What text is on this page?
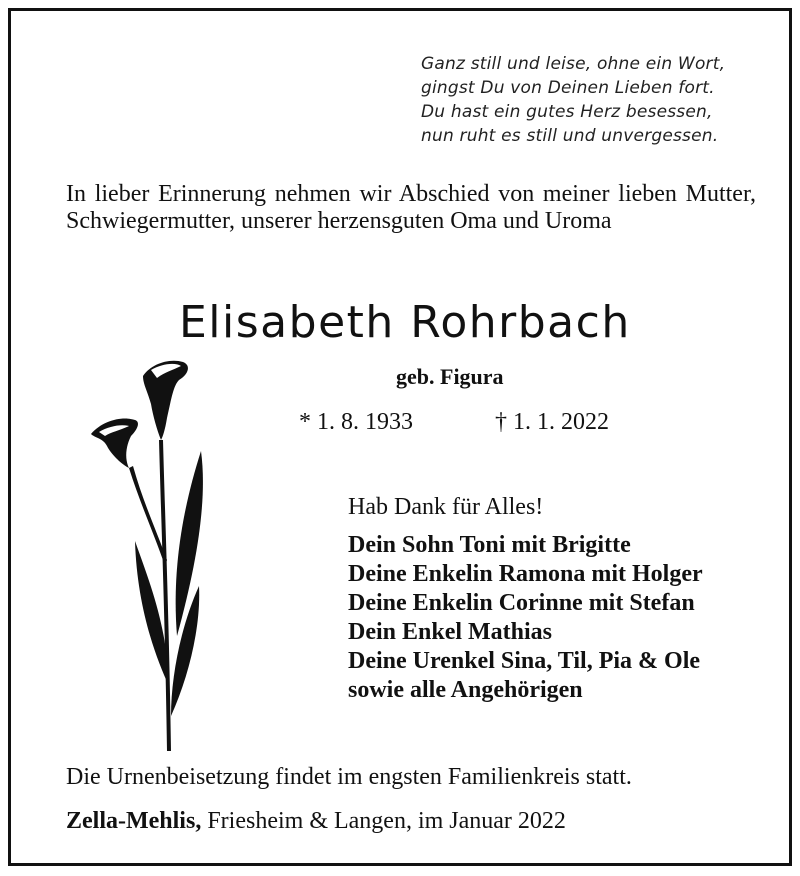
Ganz still und leise, ohne ein Wort,
gingst Du von Deinen Lieben fort.
Du hast ein gutes Herz besessen,
nun ruht es still und unvergessen.
In lieber Erinnerung nehmen wir Abschied von meiner lieben Mutter, Schwiegermutter, unserer herzensguten Oma und Uroma
Elisabeth Rohrbach
geb. Figura
* 1. 8. 1933	† 1. 1. 2022
Hab Dank für Alles!
Dein Sohn Toni mit Brigitte
Deine Enkelin Ramona mit Holger
Deine Enkelin Corinne mit Stefan
Dein Enkel Mathias
Deine Urenkel Sina, Til, Pia & Ole
sowie alle Angehörigen
Die Urnenbeisetzung findet im engsten Familienkreis statt.
Zella-Mehlis, Friesheim & Langen, im Januar 2022
